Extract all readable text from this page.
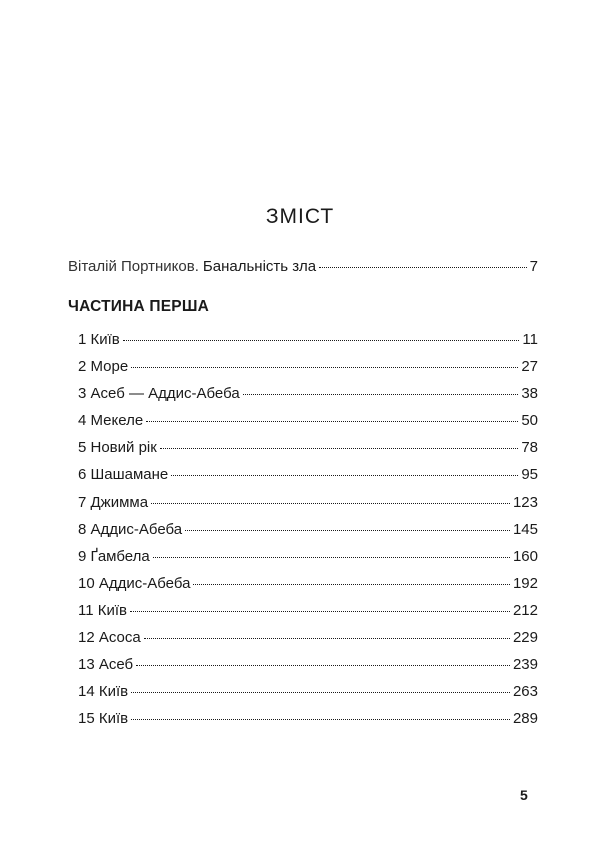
ЗМІСТ
Віталій Портников. Банальність зла	7
ЧАСТИНА ПЕРША
1 Київ	11
2 Море	27
3 Асеб — Аддис-Абеба	38
4 Мекеле	50
5 Новий рік	78
6 Шашамане	95
7 Джимма	123
8 Аддис-Абеба	145
9 Ґамбела	160
10 Аддис-Абеба	192
11 Київ	212
12 Асоса	229
13 Асеб	239
14 Київ	263
15 Київ	289
5
